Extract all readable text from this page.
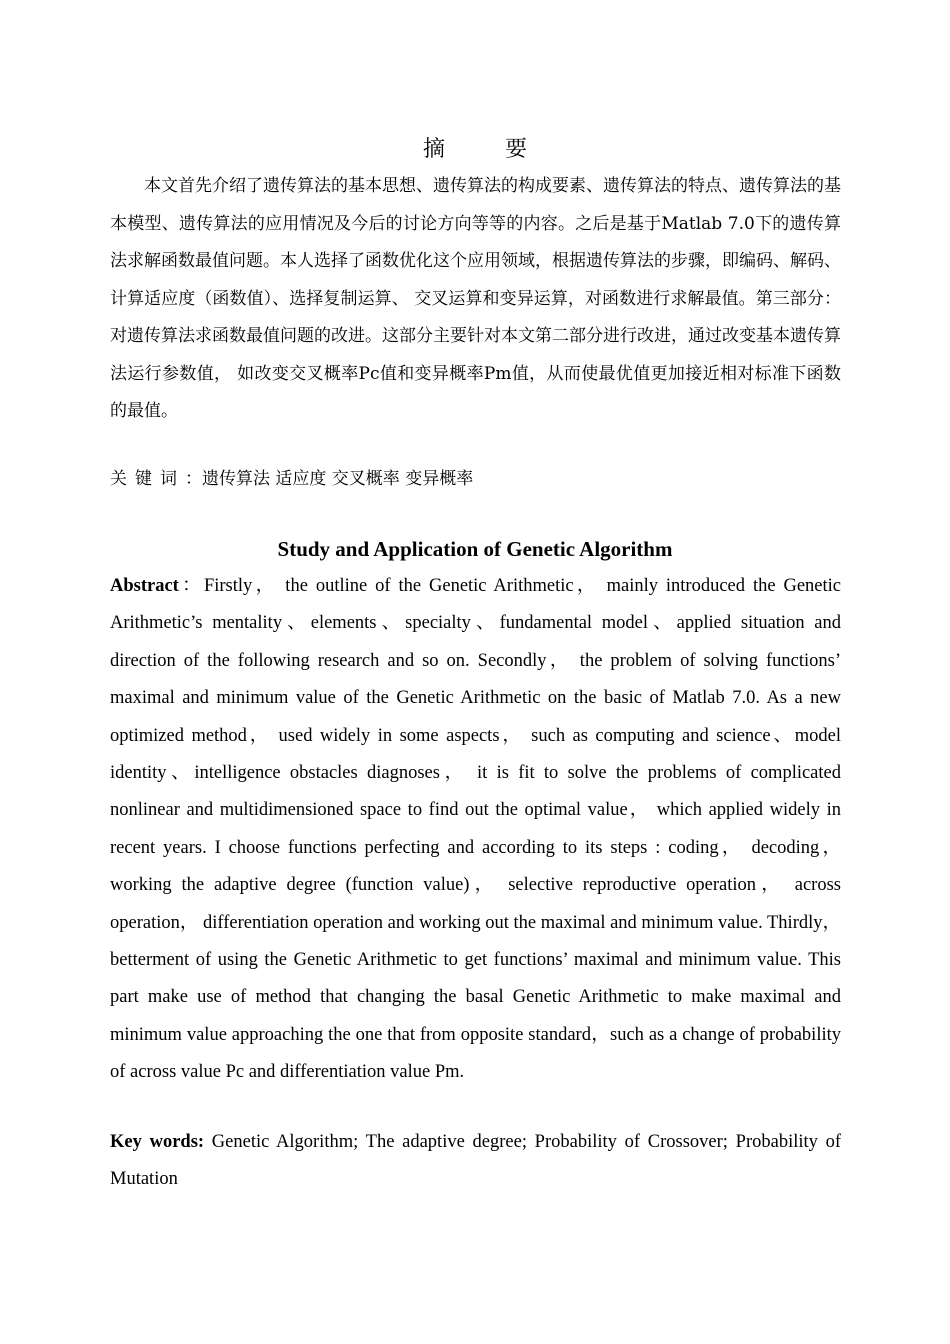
摘要

本文首先介绍了遗传算法的基本思想、遗传算法的构成要素、遗传算法的特点、遗传算法的基本模型、遗传算法的应用情况及今后的讨论方向等等的内容。之后是基于Matlab 7.0下的遗传算法求解函数最值问题。本人选择了函数优化这个应用领域，根据遗传算法的步骤，即编码、解码、计算适应度（函数值）、选择复制运算、 交叉运算和变异运算，对函数进行求解最值。第三部分：对遗传算法求函数最值问题的改进。这部分主要针对本文第二部分进行改进，通过改变基本遗传算法运行参数值， 如改变交叉概率Pc值和变异概率Pm值，从而使最优值更加接近相对标准下函数的最值。

关键词：遗传算法 适应度 交叉概率 变异概率

Study and Application of Genetic Algorithm

Abstract：Firstly， the outline of the Genetic Arithmetic， mainly introduced the Genetic Arithmetic’s mentality、elements、specialty、fundamental model、applied situation and direction of the following research and so on. Secondly， the problem of solving functions’ maximal and minimum value of the Genetic Arithmetic on the basic of Matlab 7.0. As a new optimized method， used widely in some aspects， such as computing and science、model identity、intelligence obstacles diagnoses， it is fit to solve the problems of complicated nonlinear and multidimensioned space to find out the optimal value， which applied widely in recent years. I choose functions perfecting and according to its steps : coding， decoding， working the adaptive degree (function value)， selective reproductive operation， across operation， differentiation operation and working out the maximal and minimum value. Thirdly， betterment of using the Genetic Arithmetic to get functions’ maximal and minimum value. This part make use of method that changing the basal Genetic Arithmetic to make maximal and minimum value approaching the one that from opposite standard，such as a change of probability of across value Pc and differentiation value Pm.

Key words: Genetic Algorithm; The adaptive degree; Probability of Crossover; Probability of Mutation
